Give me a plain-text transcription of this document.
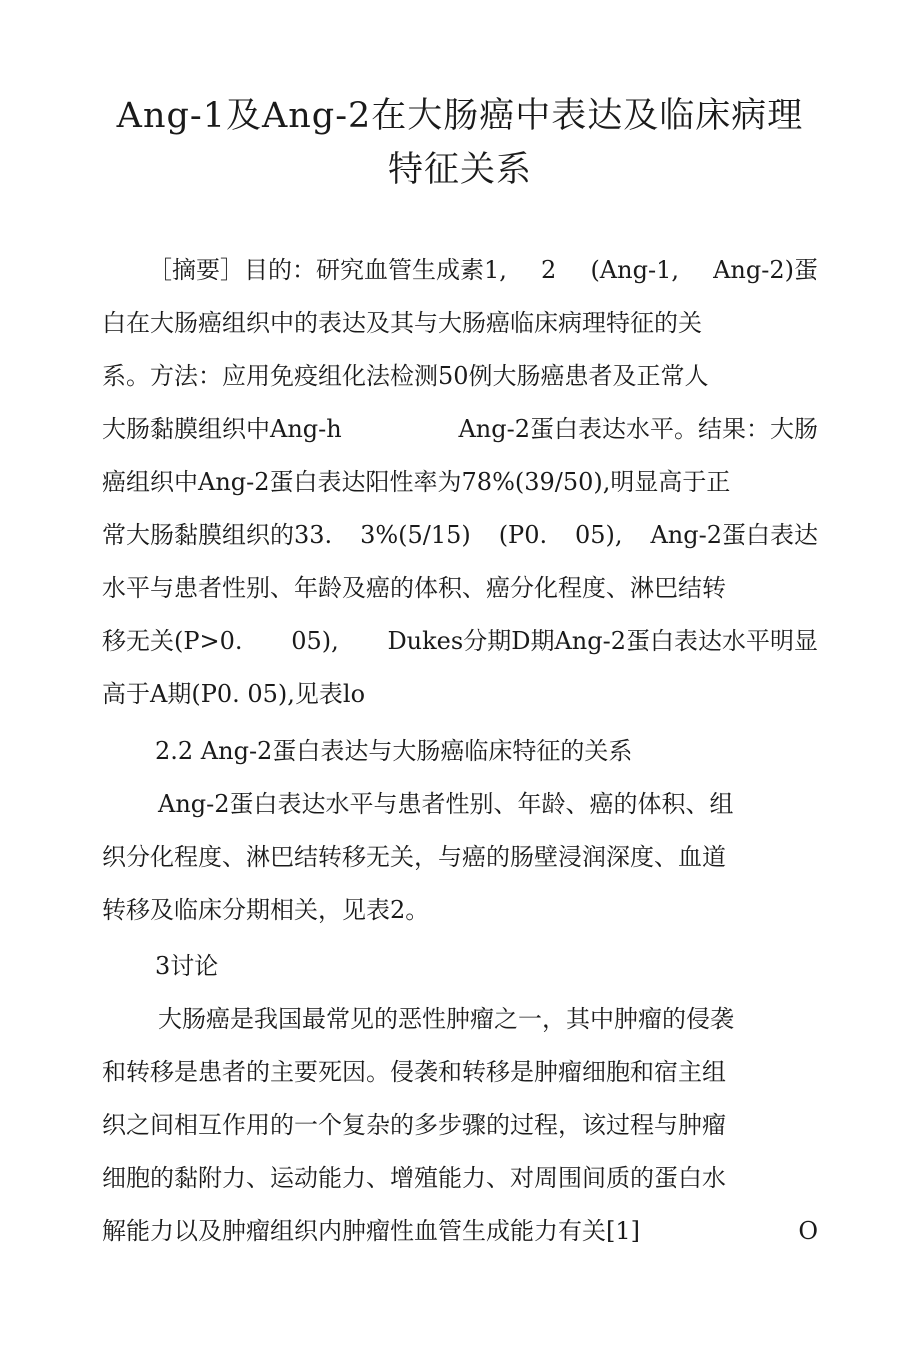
Ang-1及Ang-2在大肠癌中表达及临床病理
特征关系
［摘要］目的：研究血管生成素1, 2 (Ang-1, Ang-2)蛋
白在大肠癌组织中的表达及其与大肠癌临床病理特征的关
系。方法：应用免疫组化法检测50例大肠癌患者及正常人
大肠黏膜组织中Ang-h	Ang-2蛋白表达水平。结果：大肠
癌组织中Ang-2蛋白表达阳性率为78%(39/50),明显高于正
常大肠黏膜组织的33. 3%(5/15) (P0. 05), Ang-2蛋白表达
水平与患者性别、年龄及癌的体积、癌分化程度、淋巴结转
移无关(P>0. 05), Dukes分期D期Ang-2蛋白表达水平明显
高于A期(P0. 05),见表lo
2.2 Ang-2蛋白表达与大肠癌临床特征的关系
Ang-2蛋白表达水平与患者性别、年龄、癌的体积、组
织分化程度、淋巴结转移无关，与癌的肠壁浸润深度、血道
转移及临床分期相关，见表2。
3讨论
大肠癌是我国最常见的恶性肿瘤之一，其中肿瘤的侵袭
和转移是患者的主要死因。侵袭和转移是肿瘤细胞和宿主组
织之间相互作用的一个复杂的多步骤的过程，该过程与肿瘤
细胞的黏附力、运动能力、增殖能力、对周围间质的蛋白水
解能力以及肿瘤组织内肿瘤性血管生成能力有关[1]	O
